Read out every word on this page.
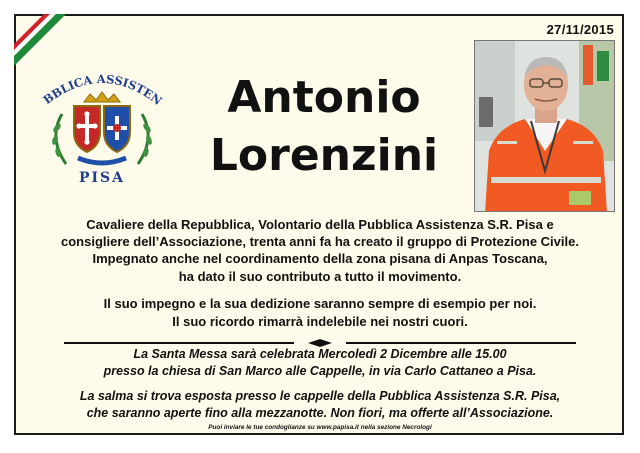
27/11/2015
BBLICA ASSISTEN
PISA
Antonio
Lorenzini
Cavaliere della Repubblica, Volontario della Pubblica Assistenza S.R. Pisa e
consigliere dell’Associazione, trenta anni fa ha creato il gruppo di Protezione Civile.
Impegnato anche nel coordinamento della zona pisana di Anpas Toscana,
ha dato il suo contributo a tutto il movimento.
Il suo impegno e la sua dedizione saranno sempre di esempio per noi.
Il suo ricordo rimarrà indelebile nei nostri cuori.
La Santa Messa sarà celebrata Mercoledì 2 Dicembre alle 15.00
presso la chiesa di San Marco alle Cappelle, in via Carlo Cattaneo a Pisa.
La salma si trova esposta presso le cappelle della Pubblica Assistenza S.R. Pisa,
che saranno aperte fino alla mezzanotte. Non fiori, ma offerte all’Associazione.
Puoi inviare le tue condoglianze su www.papisa.it nella sezione Necrologi
